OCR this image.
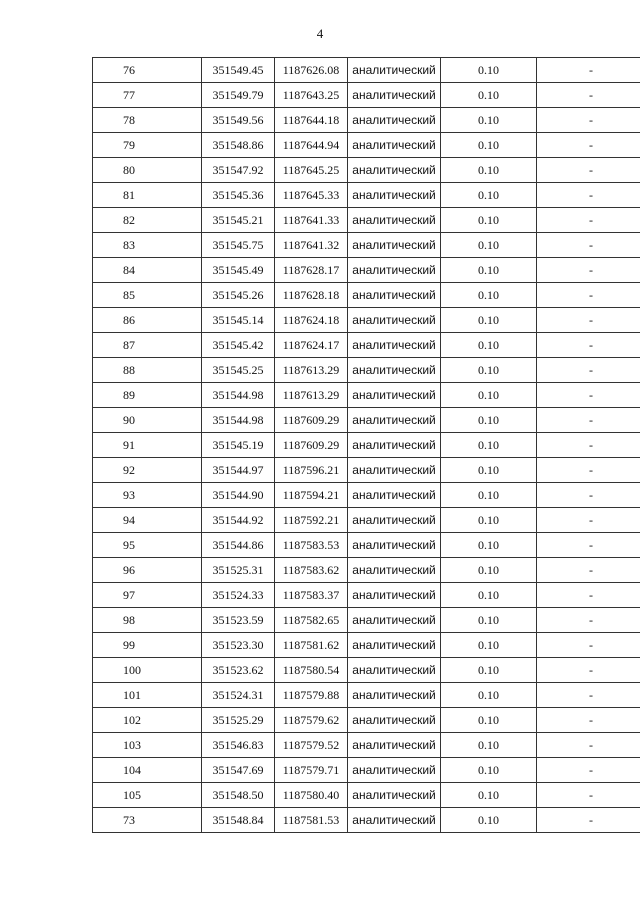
4
76	351549.45	1187626.08	аналитический	0.10	-
77	351549.79	1187643.25	аналитический	0.10	-
78	351549.56	1187644.18	аналитический	0.10	-
79	351548.86	1187644.94	аналитический	0.10	-
80	351547.92	1187645.25	аналитический	0.10	-
81	351545.36	1187645.33	аналитический	0.10	-
82	351545.21	1187641.33	аналитический	0.10	-
83	351545.75	1187641.32	аналитический	0.10	-
84	351545.49	1187628.17	аналитический	0.10	-
85	351545.26	1187628.18	аналитический	0.10	-
86	351545.14	1187624.18	аналитический	0.10	-
87	351545.42	1187624.17	аналитический	0.10	-
88	351545.25	1187613.29	аналитический	0.10	-
89	351544.98	1187613.29	аналитический	0.10	-
90	351544.98	1187609.29	аналитический	0.10	-
91	351545.19	1187609.29	аналитический	0.10	-
92	351544.97	1187596.21	аналитический	0.10	-
93	351544.90	1187594.21	аналитический	0.10	-
94	351544.92	1187592.21	аналитический	0.10	-
95	351544.86	1187583.53	аналитический	0.10	-
96	351525.31	1187583.62	аналитический	0.10	-
97	351524.33	1187583.37	аналитический	0.10	-
98	351523.59	1187582.65	аналитический	0.10	-
99	351523.30	1187581.62	аналитический	0.10	-
100	351523.62	1187580.54	аналитический	0.10	-
101	351524.31	1187579.88	аналитический	0.10	-
102	351525.29	1187579.62	аналитический	0.10	-
103	351546.83	1187579.52	аналитический	0.10	-
104	351547.69	1187579.71	аналитический	0.10	-
105	351548.50	1187580.40	аналитический	0.10	-
73	351548.84	1187581.53	аналитический	0.10	-
